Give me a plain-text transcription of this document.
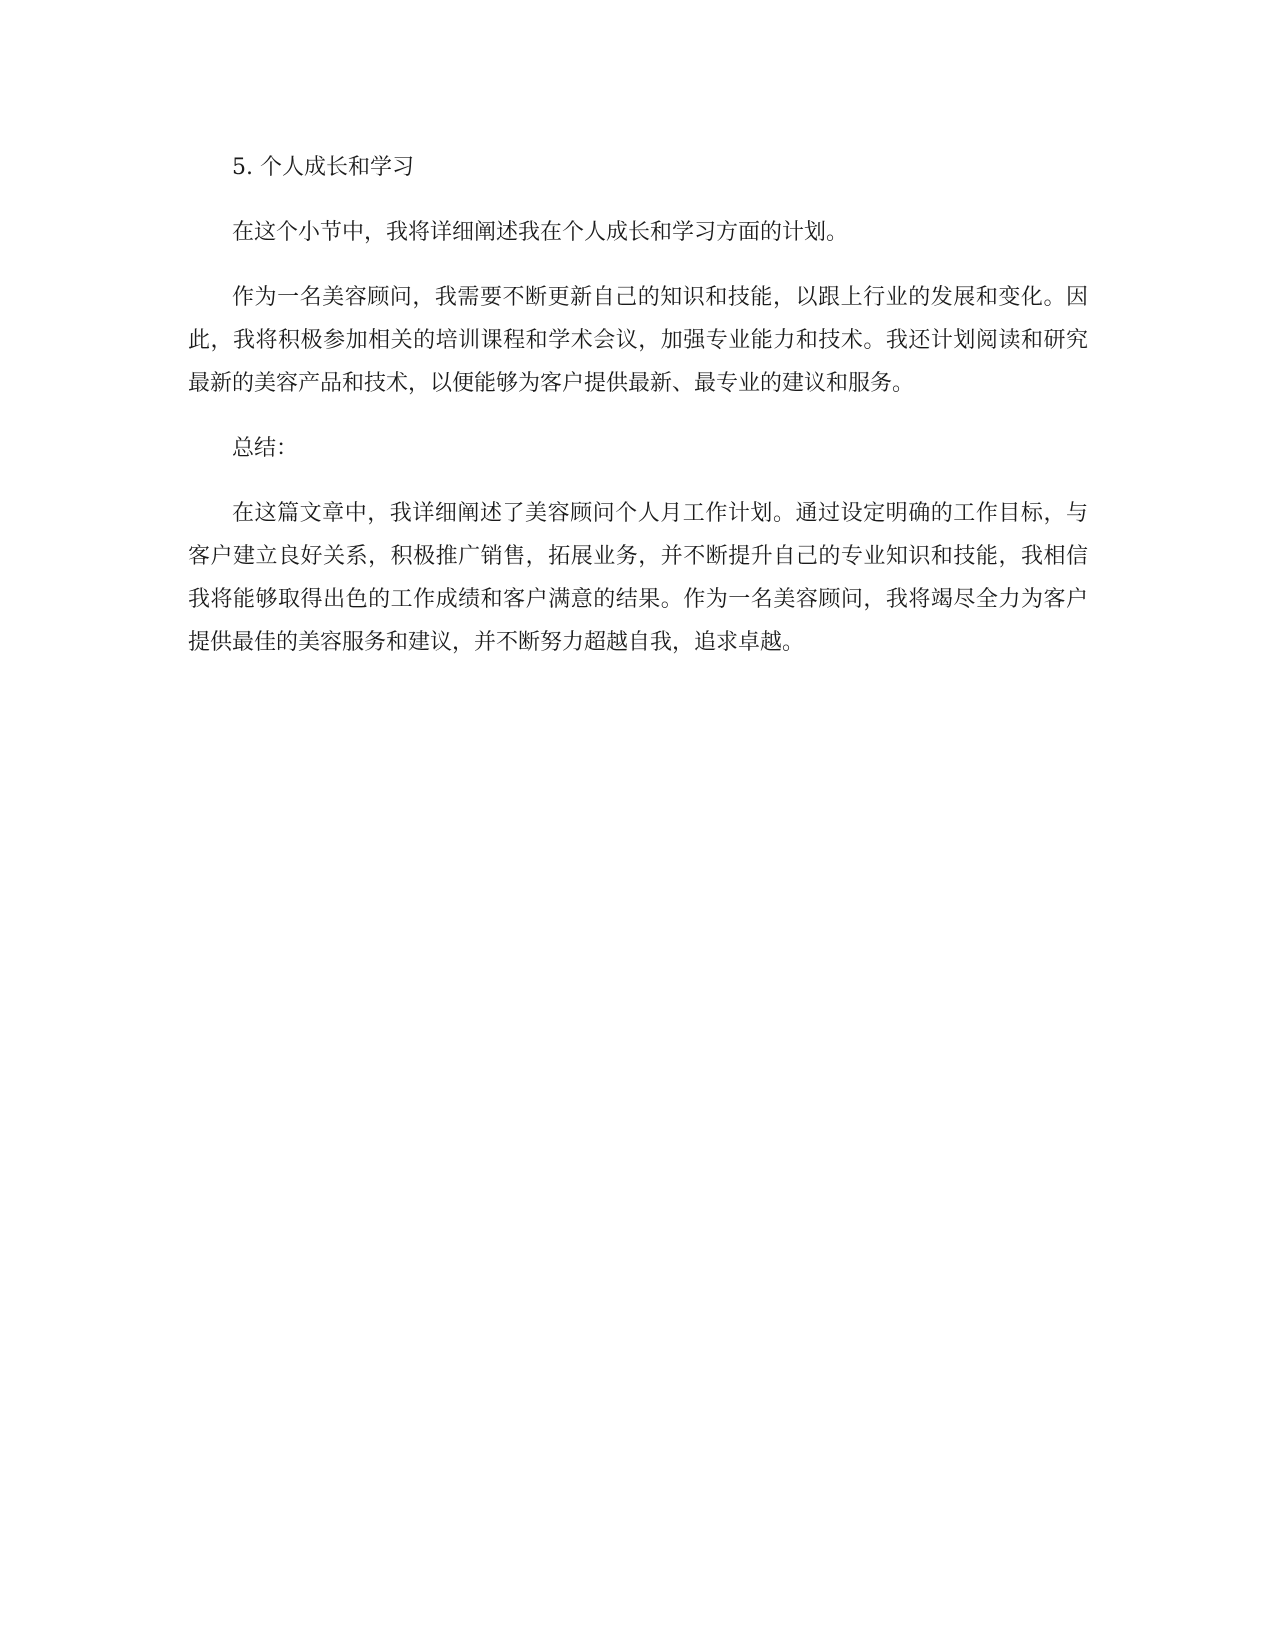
5. 个人成长和学习

在这个小节中，我将详细阐述我在个人成长和学习方面的计划。

作为一名美容顾问，我需要不断更新自己的知识和技能，以跟上行业的发展和变化。因此，我将积极参加相关的培训课程和学术会议，加强专业能力和技术。我还计划阅读和研究最新的美容产品和技术，以便能够为客户提供最新、最专业的建议和服务。

总结：

在这篇文章中，我详细阐述了美容顾问个人月工作计划。通过设定明确的工作目标，与客户建立良好关系，积极推广销售，拓展业务，并不断提升自己的专业知识和技能，我相信我将能够取得出色的工作成绩和客户满意的结果。作为一名美容顾问，我将竭尽全力为客户提供最佳的美容服务和建议，并不断努力超越自我，追求卓越。
